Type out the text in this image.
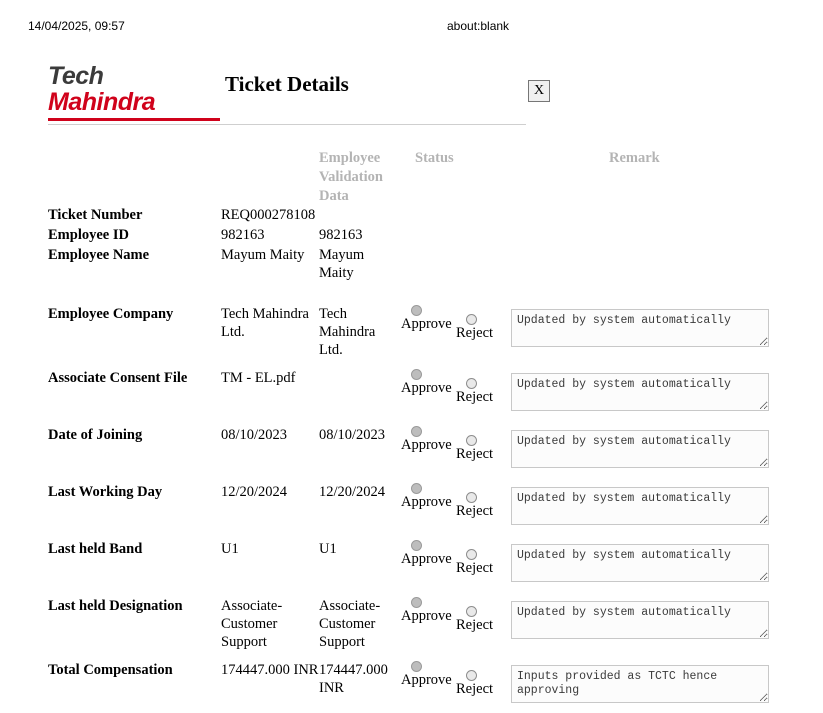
14/04/2025, 09:57	about:blank
Tech
Mahindra
Ticket Details	X
		Employee Validation Data	Status		Remark
Ticket Number	REQ000278108				
Employee ID	982163	982163			
Employee Name	Mayum Maity	Mayum Maity			

Employee Company	Tech Mahindra Ltd.	Tech Mahindra Ltd.	Approve	Reject
	Updated by system automatically
Associate Consent File	TM - EL.pdf		Approve	Reject
	Updated by system automatically
Date of Joining	08/10/2023	08/10/2023	Approve	Reject
	Updated by system automatically
Last Working Day	12/20/2024	12/20/2024	Approve	Reject
	Updated by system automatically
Last held Band	U1	U1	Approve	Reject
	Updated by system automatically
Last held Designation	Associate-Customer Support	Associate-Customer Support	Approve	Reject
	Updated by system automatically
Total Compensation	174447.000 INR	174447.000 INR	Approve	Reject
	Inputs provided as TCTC hence approving
